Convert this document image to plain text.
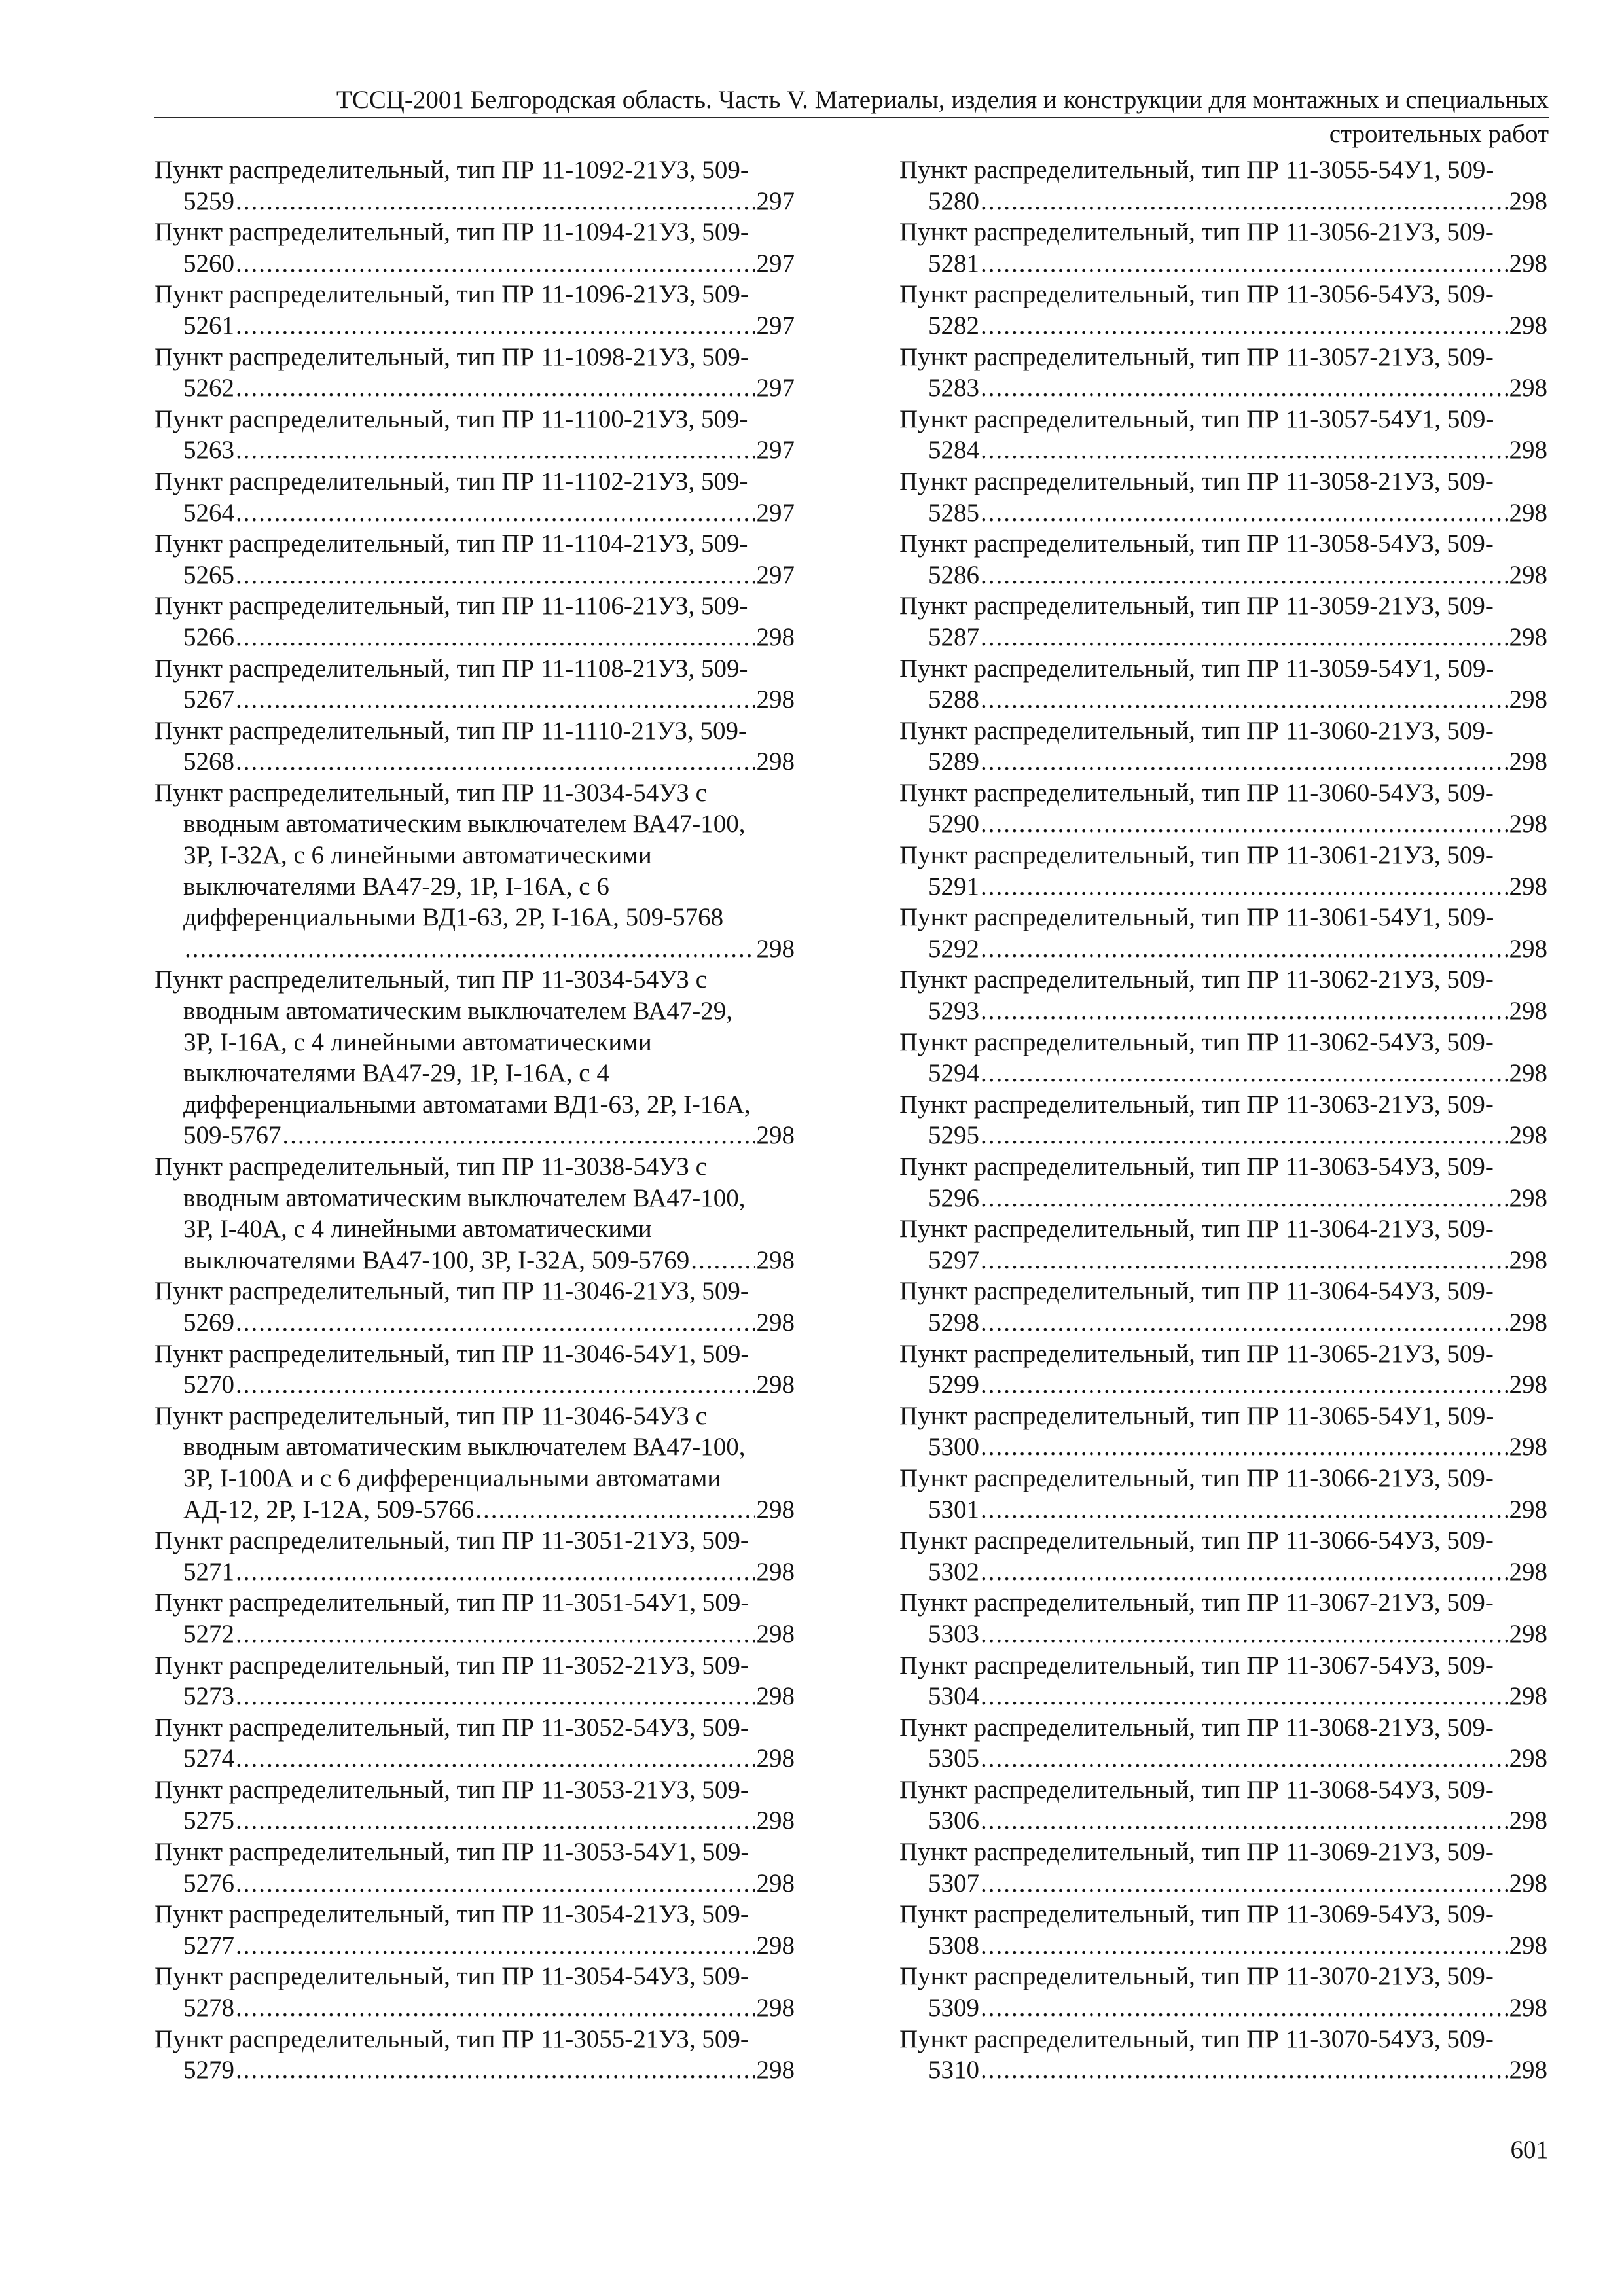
ТССЦ-2001 Белгородская область. Часть V. Материалы, изделия и конструкции для монтажных и специальных
строительных работ
Пункт распределительный, тип ПР 11-1092-21УЗ, 509-
5259 .....	297
Пункт распределительный, тип ПР 11-1094-21УЗ, 509-
5260 .....	297
Пункт распределительный, тип ПР 11-1096-21УЗ, 509-
5261 .....	297
Пункт распределительный, тип ПР 11-1098-21УЗ, 509-
5262 .....	297
Пункт распределительный, тип ПР 11-1100-21УЗ, 509-
5263 .....	297
Пункт распределительный, тип ПР 11-1102-21УЗ, 509-
5264 .....	297
Пункт распределительный, тип ПР 11-1104-21УЗ, 509-
5265 .....	297
Пункт распределительный, тип ПР 11-1106-21УЗ, 509-
5266 .....	298
Пункт распределительный, тип ПР 11-1108-21УЗ, 509-
5267 .....	298
Пункт распределительный, тип ПР 11-1110-21УЗ, 509-
5268 .....	298
Пункт распределительный, тип ПР 11-3034-54УЗ с
вводным автоматическим выключателем ВА47-100,
3Р, I-32А, с 6 линейными автоматическими
выключателями ВА47-29, 1Р, I-16А, с 6
дифференциальными ВД1-63, 2Р, I-16А, 509-5768
.....
298
Пункт распределительный, тип ПР 11-3034-54УЗ с
вводным автоматическим выключателем ВА47-29,
3Р, I-16А, с 4 линейными автоматическими
выключателями ВА47-29, 1Р, I-16А, с 4
дифференциальными автоматами ВД1-63, 2Р, I-16А,
509-5767 .....	298
Пункт распределительный, тип ПР 11-3038-54УЗ с
вводным автоматическим выключателем ВА47-100,
3Р, I-40А, с 4 линейными автоматическими
выключателями ВА47-100, 3Р, I-32А, 509-5769 .....	298
Пункт распределительный, тип ПР 11-3046-21УЗ, 509-
5269 .....	298
Пункт распределительный, тип ПР 11-3046-54У1, 509-
5270 .....	298
Пункт распределительный, тип ПР 11-3046-54УЗ с
вводным автоматическим выключателем ВА47-100,
3Р, I-100А и с 6 дифференциальными автоматами
АД-12, 2Р, I-12А, 509-5766 .....	298
Пункт распределительный, тип ПР 11-3051-21УЗ, 509-
5271 .....	298
Пункт распределительный, тип ПР 11-3051-54У1, 509-
5272 .....	298
Пункт распределительный, тип ПР 11-3052-21УЗ, 509-
5273 .....	298
Пункт распределительный, тип ПР 11-3052-54УЗ, 509-
5274 .....	298
Пункт распределительный, тип ПР 11-3053-21УЗ, 509-
5275 .....	298
Пункт распределительный, тип ПР 11-3053-54У1, 509-
5276 .....	298
Пункт распределительный, тип ПР 11-3054-21УЗ, 509-
5277 .....	298
Пункт распределительный, тип ПР 11-3054-54УЗ, 509-
5278 .....	298
Пункт распределительный, тип ПР 11-3055-21УЗ, 509-
5279 .....	298
Пункт распределительный, тип ПР 11-3055-54У1, 509-
5280 .....	298
Пункт распределительный, тип ПР 11-3056-21УЗ, 509-
5281 .....	298
Пункт распределительный, тип ПР 11-3056-54УЗ, 509-
5282 .....	298
Пункт распределительный, тип ПР 11-3057-21УЗ, 509-
5283 .....	298
Пункт распределительный, тип ПР 11-3057-54У1, 509-
5284 .....	298
Пункт распределительный, тип ПР 11-3058-21УЗ, 509-
5285 .....	298
Пункт распределительный, тип ПР 11-3058-54УЗ, 509-
5286 .....	298
Пункт распределительный, тип ПР 11-3059-21УЗ, 509-
5287 .....	298
Пункт распределительный, тип ПР 11-3059-54У1, 509-
5288 .....	298
Пункт распределительный, тип ПР 11-3060-21УЗ, 509-
5289 .....	298
Пункт распределительный, тип ПР 11-3060-54УЗ, 509-
5290 .....	298
Пункт распределительный, тип ПР 11-3061-21УЗ, 509-
5291 .....	298
Пункт распределительный, тип ПР 11-3061-54У1, 509-
5292 .....	298
Пункт распределительный, тип ПР 11-3062-21УЗ, 509-
5293 .....	298
Пункт распределительный, тип ПР 11-3062-54УЗ, 509-
5294 .....	298
Пункт распределительный, тип ПР 11-3063-21УЗ, 509-
5295 .....	298
Пункт распределительный, тип ПР 11-3063-54УЗ, 509-
5296 .....	298
Пункт распределительный, тип ПР 11-3064-21УЗ, 509-
5297 .....	298
Пункт распределительный, тип ПР 11-3064-54УЗ, 509-
5298 .....	298
Пункт распределительный, тип ПР 11-3065-21УЗ, 509-
5299 .....	298
Пункт распределительный, тип ПР 11-3065-54У1, 509-
5300 .....	298
Пункт распределительный, тип ПР 11-3066-21УЗ, 509-
5301 .....	298
Пункт распределительный, тип ПР 11-3066-54УЗ, 509-
5302 .....	298
Пункт распределительный, тип ПР 11-3067-21УЗ, 509-
5303 .....	298
Пункт распределительный, тип ПР 11-3067-54УЗ, 509-
5304 .....	298
Пункт распределительный, тип ПР 11-3068-21УЗ, 509-
5305 .....	298
Пункт распределительный, тип ПР 11-3068-54УЗ, 509-
5306 .....	298
Пункт распределительный, тип ПР 11-3069-21УЗ, 509-
5307 .....	298
Пункт распределительный, тип ПР 11-3069-54УЗ, 509-
5308 .....	298
Пункт распределительный, тип ПР 11-3070-21УЗ, 509-
5309 .....	298
Пункт распределительный, тип ПР 11-3070-54УЗ, 509-
5310 .....	298
601
